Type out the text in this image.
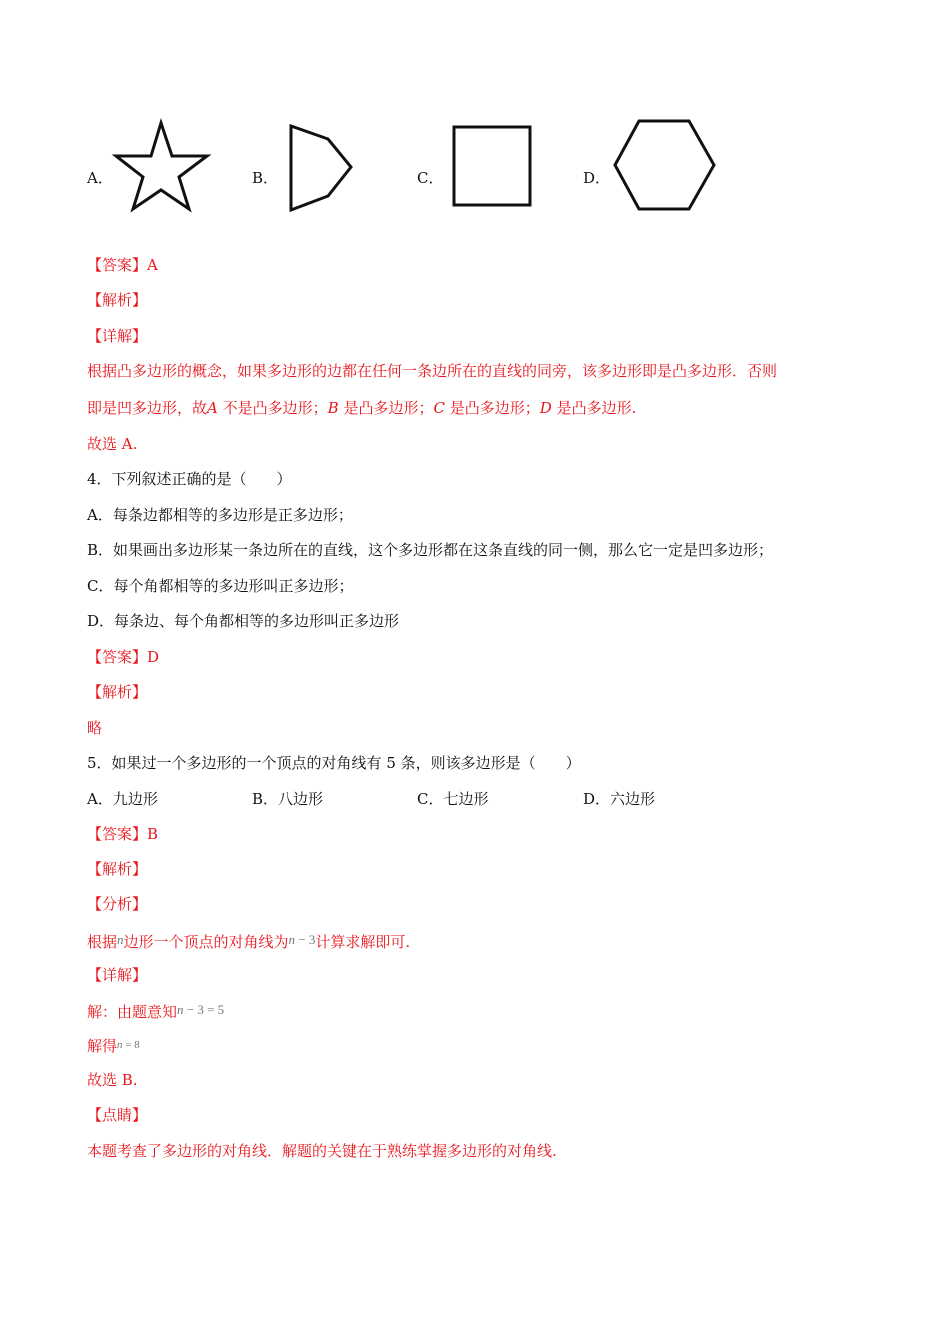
A．	B．	C．	D．
【答案】A
【解析】
【详解】
根据凸多边形的概念，如果多边形的边都在任何一条边所在的直线的同旁，该多边形即是凸多边形．否则
即是凹多边形，故A 不是凸多边形；B 是凸多边形；C 是凸多边形；D 是凸多边形.
故选 A.
4．下列叙述正确的是（　　）
A．每条边都相等的多边形是正多边形；
B．如果画出多边形某一条边所在的直线，这个多边形都在这条直线的同一侧，那么它一定是凹多边形；
C．每个角都相等的多边形叫正多边形；
D．每条边、每个角都相等的多边形叫正多边形
【答案】D
【解析】
略
5．如果过一个多边形的一个顶点的对角线有 5 条，则该多边形是（　　）
A．九边形	B．八边形	C．七边形	D．六边形
【答案】B
【解析】
【分析】
根据n边形一个顶点的对角线为n − 3计算求解即可.
【详解】
解：由题意知n − 3 = 5
解得$^{n = 8}$
故选 B.
【点睛】
本题考查了多边形的对角线．解题的关键在于熟练掌握多边形的对角线.
